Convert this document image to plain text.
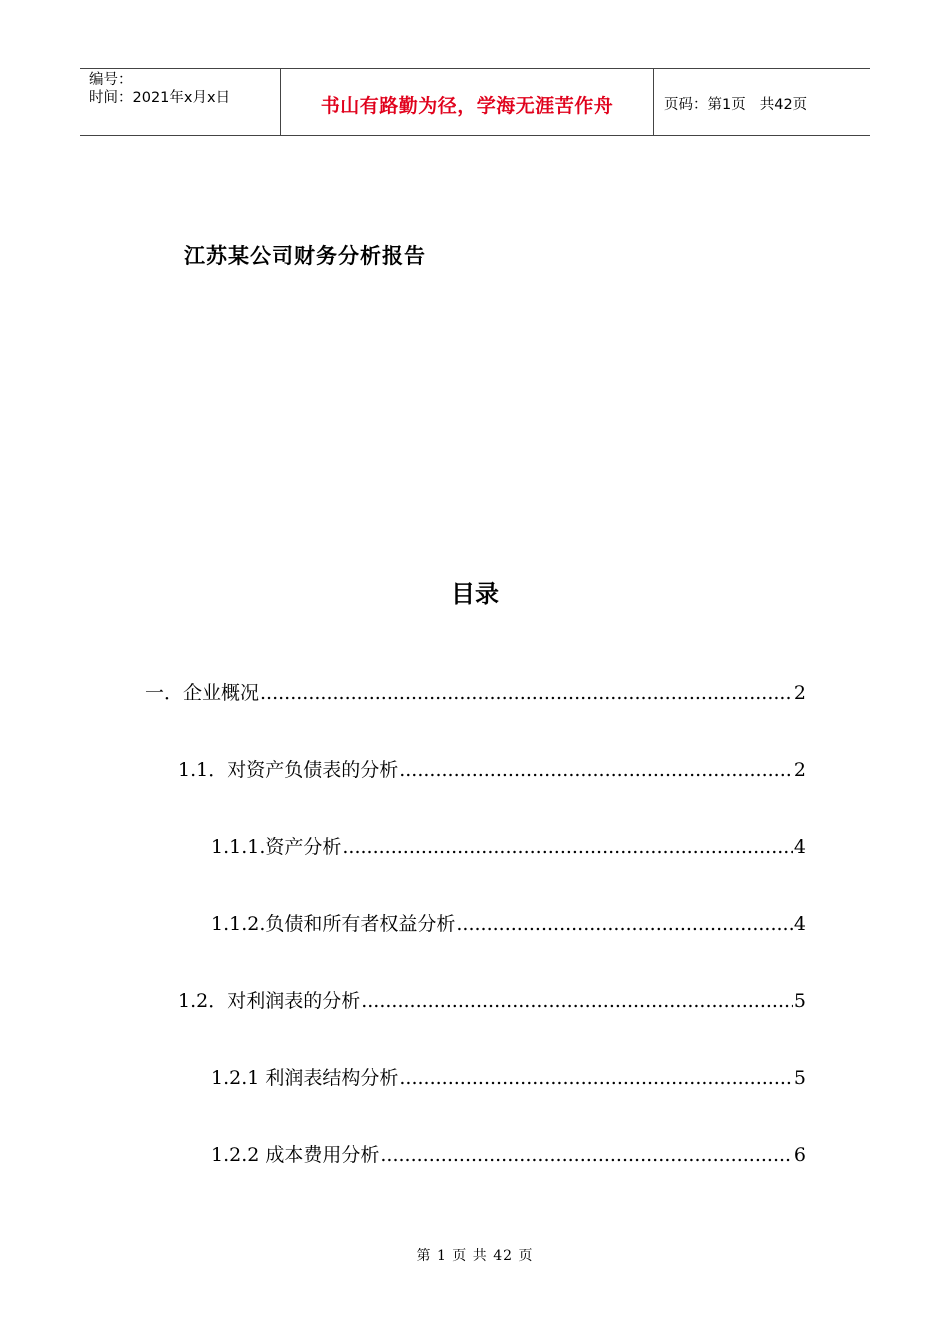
编号：
时间：2021年x月x日	书山有路勤为径，学海无涯苦作舟	页码：第1页 共42页
江苏某公司财务分析报告
目录
一．企业概况 .....	2
1.1．对资产负债表的分析 .....	2
1.1.1.资产分析 .....	4
1.1.2.负债和所有者权益分析 .....	4
1.2．对利润表的分析 .....	5
1.2.1 利润表结构分析 .....	5
1.2.2 成本费用分析 .....	6
第 1 页 共 42 页
